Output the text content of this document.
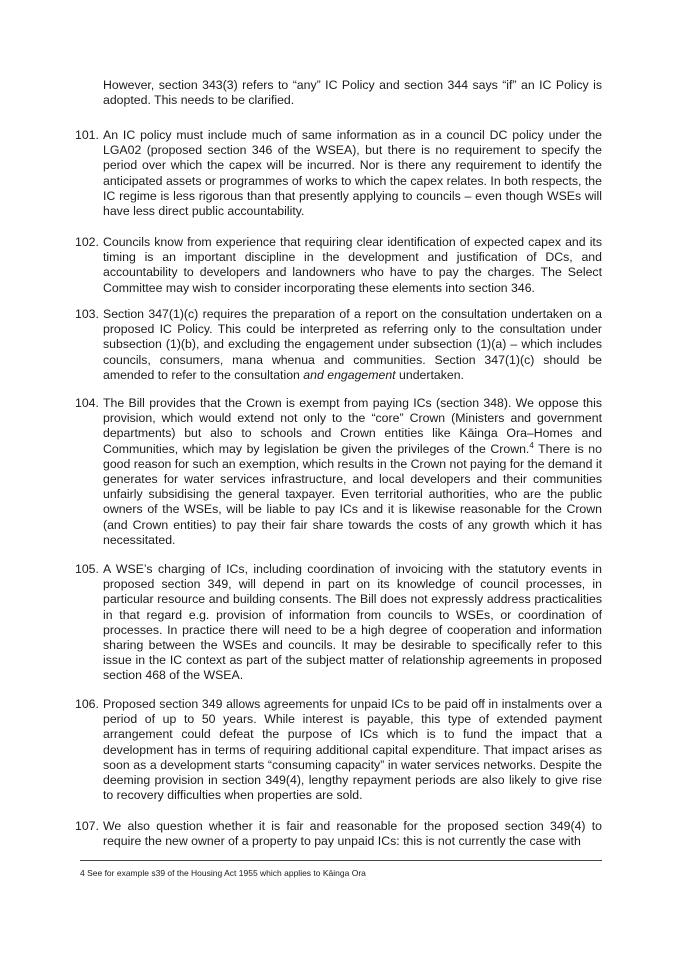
However, section 343(3) refers to “any” IC Policy and section 344 says “if” an IC Policy is adopted. This needs to be clarified.
101. An IC policy must include much of same information as in a council DC policy under the LGA02 (proposed section 346 of the WSEA), but there is no requirement to specify the period over which the capex will be incurred. Nor is there any requirement to identify the anticipated assets or programmes of works to which the capex relates. In both respects, the IC regime is less rigorous than that presently applying to councils – even though WSEs will have less direct public accountability.
102. Councils know from experience that requiring clear identification of expected capex and its timing is an important discipline in the development and justification of DCs, and accountability to developers and landowners who have to pay the charges. The Select Committee may wish to consider incorporating these elements into section 346.
103. Section 347(1)(c) requires the preparation of a report on the consultation undertaken on a proposed IC Policy. This could be interpreted as referring only to the consultation under subsection (1)(b), and excluding the engagement under subsection (1)(a) – which includes councils, consumers, mana whenua and communities. Section 347(1)(c) should be amended to refer to the consultation and engagement undertaken.
104. The Bill provides that the Crown is exempt from paying ICs (section 348). We oppose this provision, which would extend not only to the “core” Crown (Ministers and government departments) but also to schools and Crown entities like Kāinga Ora–Homes and Communities, which may by legislation be given the privileges of the Crown.$^4$ There is no good reason for such an exemption, which results in the Crown not paying for the demand it generates for water services infrastructure, and local developers and their communities unfairly subsidising the general taxpayer. Even territorial authorities, who are the public owners of the WSEs, will be liable to pay ICs and it is likewise reasonable for the Crown (and Crown entities) to pay their fair share towards the costs of any growth which it has necessitated.
105. A WSE’s charging of ICs, including coordination of invoicing with the statutory events in proposed section 349, will depend in part on its knowledge of council processes, in particular resource and building consents. The Bill does not expressly address practicalities in that regard e.g. provision of information from councils to WSEs, or coordination of processes. In practice there will need to be a high degree of cooperation and information sharing between the WSEs and councils. It may be desirable to specifically refer to this issue in the IC context as part of the subject matter of relationship agreements in proposed section 468 of the WSEA.
106. Proposed section 349 allows agreements for unpaid ICs to be paid off in instalments over a period of up to 50 years. While interest is payable, this type of extended payment arrangement could defeat the purpose of ICs which is to fund the impact that a development has in terms of requiring additional capital expenditure. That impact arises as soon as a development starts “consuming capacity” in water services networks. Despite the deeming provision in section 349(4), lengthy repayment periods are also likely to give rise to recovery difficulties when properties are sold.
107. We also question whether it is fair and reasonable for the proposed section 349(4) to require the new owner of a property to pay unpaid ICs: this is not currently the case with
4 See for example s39 of the Housing Act 1955 which applies to Kāinga Ora
